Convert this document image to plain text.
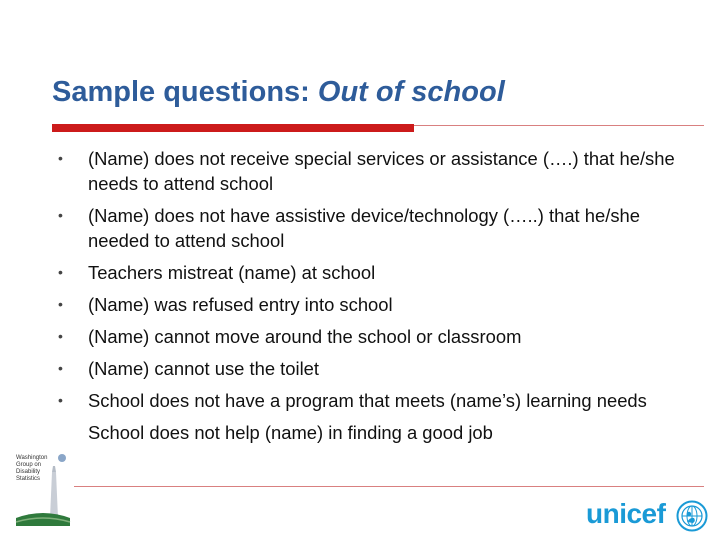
Sample questions: Out of school
•	(Name) does not receive special services or assistance (….) that he/she needs to attend school
•	(Name) does not have assistive device/technology (…..) that he/she needed to attend school
•	Teachers mistreat (name) at school
•	(Name) was refused entry into school
•	(Name) cannot move around the school or classroom
•	(Name) cannot use the toilet
•	School does not have a program that meets (name’s) learning needs
School does not help (name) in finding a good job
Washington
Group on
Disability
Statistics
unicef
